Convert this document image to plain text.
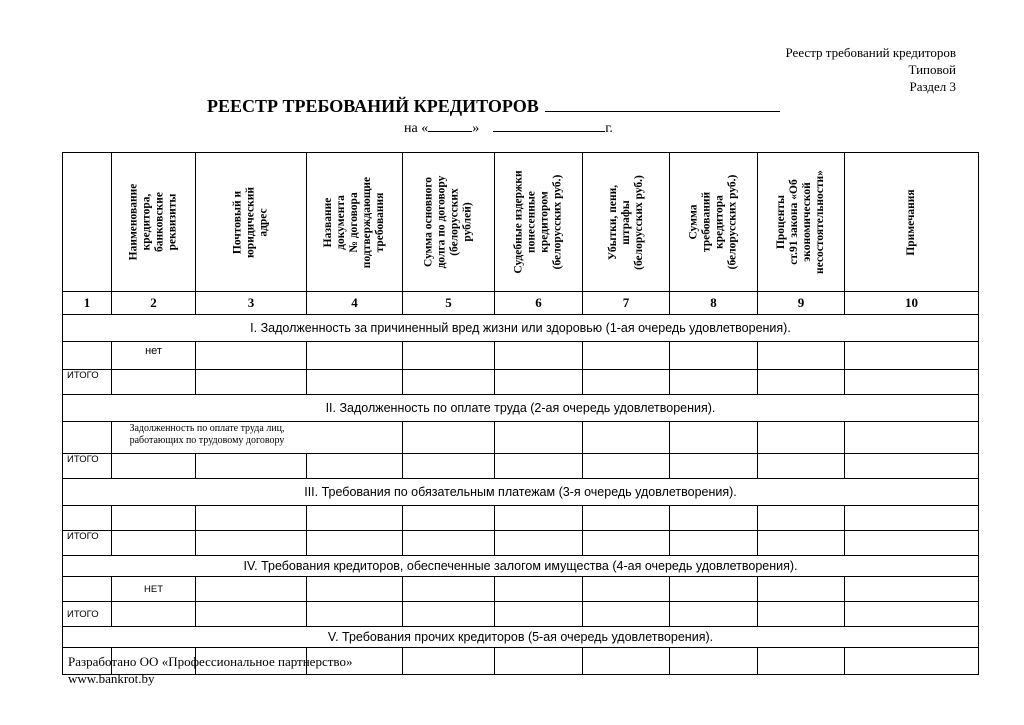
Реестр требований кредиторов
Типовой
Раздел 3
РЕЕСТР ТРЕБОВАНИЙ КРЕДИТОРОВ
на «	»	г.

	Наименование
кредитора,
банковские
реквизиты	Почтовый и
юридический
адрес	Название
документа
№ договора
подтверждающие
требования	Сумма основного
долга по договору
(белорусских
рублей)	Судебные издержки
понесенные
кредитором
(белорусских руб.)	Убытки, пени,
штрафы
(белорусских руб.)	Сумма
требований
кредитора
(белорусских руб.)	Проценты
ст.91 закона «Об
экономической
несостоятельности»	Примечания

1	2	3	4	5	6	7	8	9	10
I. Задолженность за причиненный вред жизни или здоровью (1-ая очередь удовлетворения).									
	нет								
ИТОГО									
II. Задолженность по оплате труда (2-ая очередь удовлетворения).									
	Задолженность по оплате труда лиц, работающих по трудовому договору								
ИТОГО									
III. Требования по обязательным платежам (3-я очередь удовлетворения).									

ИТОГО									
IV. Требования кредиторов, обеспеченные залогом имущества (4-ая очередь удовлетворения).									
	НЕТ								
ИТОГО									
V. Требования прочих кредиторов (5-ая очередь удовлетворения).									

Разработано ОО «Профессиональное партнерство»
www.bankrot.by
